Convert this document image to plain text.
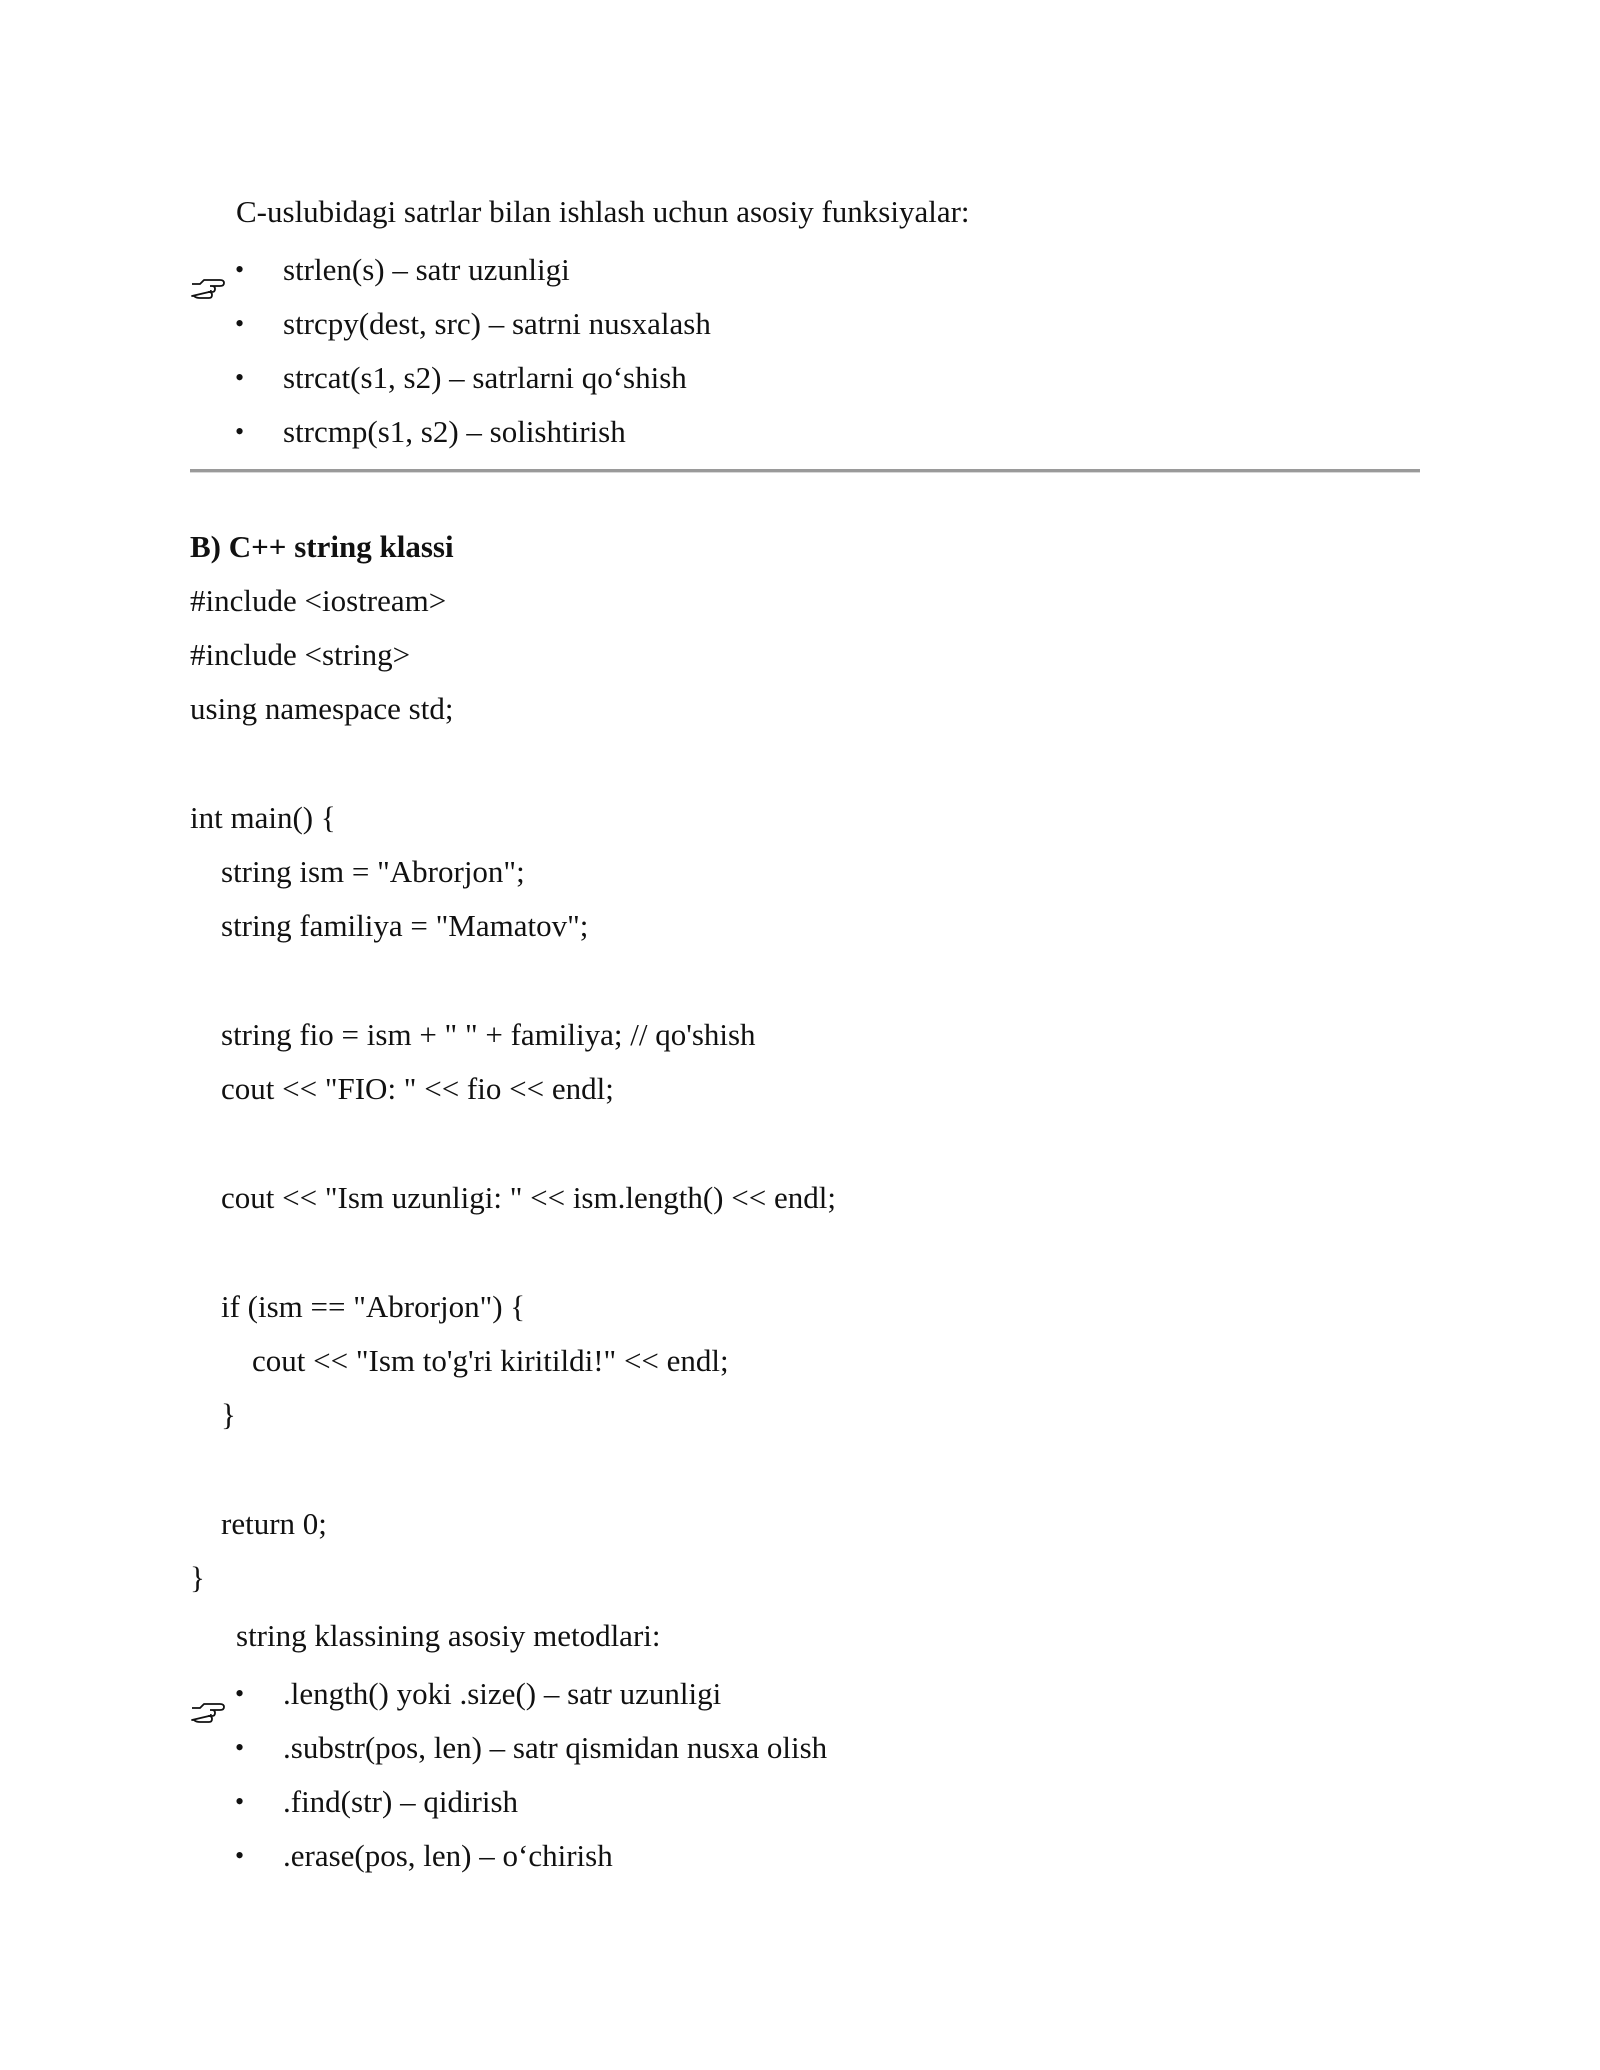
C-uslubidagi satrlar bilan ishlash uchun asosiy funksiyalar:
•	strlen(s) – satr uzunligi
•	strcpy(dest, src) – satrni nusxalash
•	strcat(s1, s2) – satrlarni qo‘shish
•	strcmp(s1, s2) – solishtirish
B) C++ string klassi
#include <iostream>
#include <string>
using namespace std;
int main() {
string ism = "Abrorjon";
string familiya = "Mamatov";
string fio = ism + " " + familiya; // qo'shish
cout << "FIO: " << fio << endl;
cout << "Ism uzunligi: " << ism.length() << endl;
if (ism == "Abrorjon") {
cout << "Ism to'g'ri kiritildi!" << endl;
}
return 0;
}

string klassining asosiy metodlari:
•	.length() yoki .size() – satr uzunligi
•	.substr(pos, len) – satr qismidan nusxa olish
•	.find(str) – qidirish
•	.erase(pos, len) – o‘chirish
